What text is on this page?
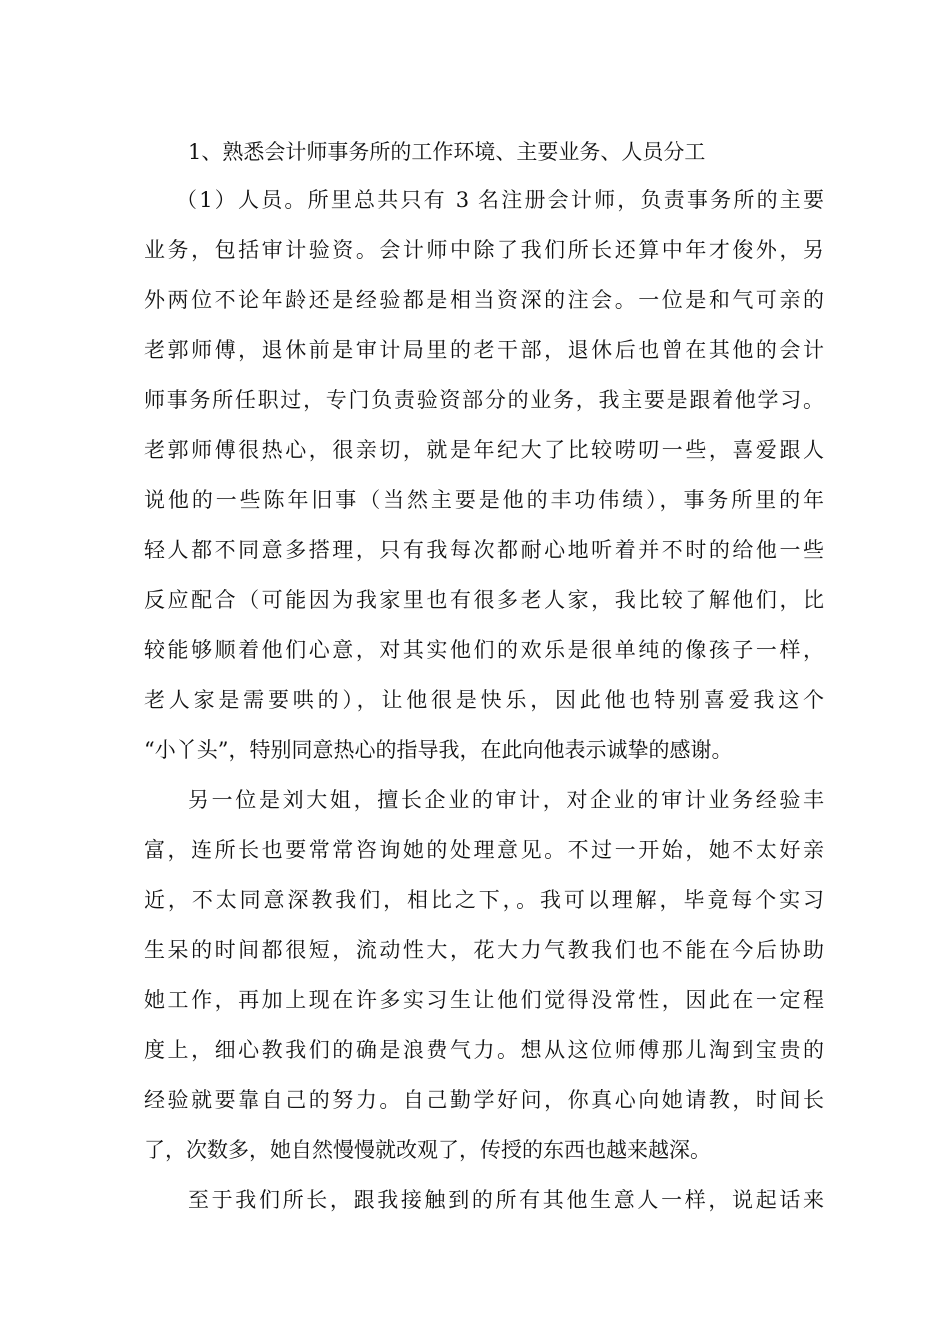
1、熟悉会计师事务所的工作环境、主要业务、人员分工
（1）人员。所里总共只有 3 名注册会计师，负责事务所的主要
业务，包括审计验资。会计师中除了我们所长还算中年才俊外，另
外两位不论年龄还是经验都是相当资深的注会。一位是和气可亲的
老郭师傅，退休前是审计局里的老干部，退休后也曾在其他的会计
师事务所任职过，专门负责验资部分的业务，我主要是跟着他学习。
老郭师傅很热心，很亲切，就是年纪大了比较唠叨一些，喜爱跟人
说他的一些陈年旧事（当然主要是他的丰功伟绩），事务所里的年
轻人都不同意多搭理，只有我每次都耐心地听着并不时的给他一些
反应配合（可能因为我家里也有很多老人家，我比较了解他们，比
较能够顺着他们心意，对其实他们的欢乐是很单纯的像孩子一样，
老人家是需要哄的），让他很是快乐，因此他也特别喜爱我这个
“小丫头”，特别同意热心的指导我，在此向他表示诚挚的感谢。
另一位是刘大姐，擅长企业的审计，对企业的审计业务经验丰
富，连所长也要常常咨询她的处理意见。不过一开始，她不太好亲
近，不太同意深教我们，相比之下，。我可以理解，毕竟每个实习
生呆的时间都很短，流动性大，花大力气教我们也不能在今后协助
她工作，再加上现在许多实习生让他们觉得没常性，因此在一定程
度上，细心教我们的确是浪费气力。想从这位师傅那儿淘到宝贵的
经验就要靠自己的努力。自己勤学好问，你真心向她请教，时间长
了，次数多，她自然慢慢就改观了，传授的东西也越来越深。
至于我们所长，跟我接触到的所有其他生意人一样，说起话来
